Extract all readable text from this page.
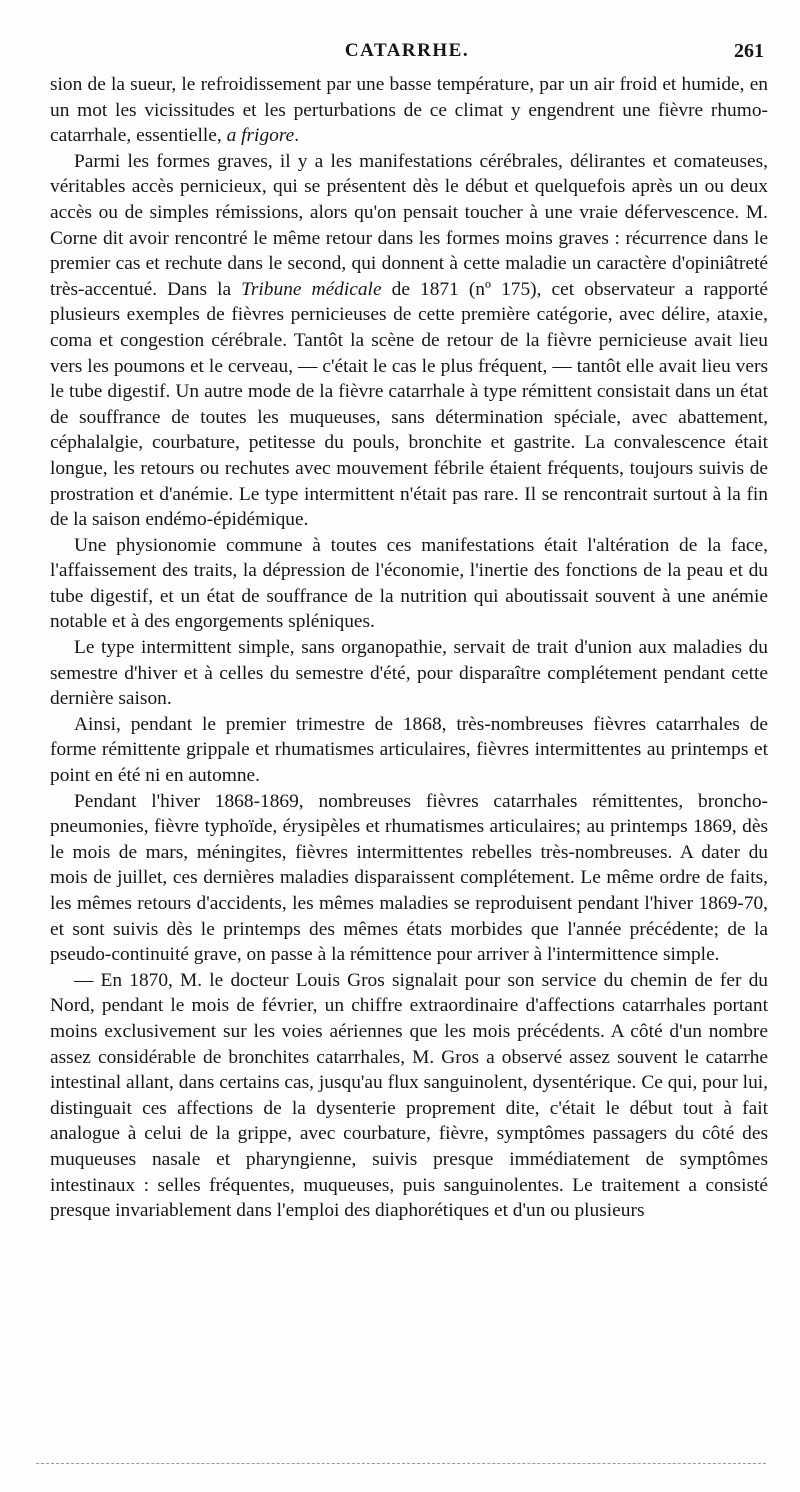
CATARRHE.	261

sion de la sueur, le refroidissement par une basse température, par un air froid et humide, en un mot les vicissitudes et les perturbations de ce climat y engendrent une fièvre rhumo-catarrhale, essentielle, a frigore.

Parmi les formes graves, il y a les manifestations cérébrales, délirantes et comateuses, véritables accès pernicieux, qui se présentent dès le début et quelquefois après un ou deux accès ou de simples rémissions, alors qu'on pensait toucher à une vraie défervescence. M. Corne dit avoir rencontré le même retour dans les formes moins graves : récurrence dans le premier cas et rechute dans le second, qui donnent à cette maladie un caractère d'opiniâtreté très-accentué. Dans la Tribune médicale de 1871 (nº 175), cet observateur a rapporté plusieurs exemples de fièvres pernicieuses de cette première catégorie, avec délire, ataxie, coma et congestion cérébrale. Tantôt la scène de retour de la fièvre pernicieuse avait lieu vers les poumons et le cerveau, — c'était le cas le plus fréquent, — tantôt elle avait lieu vers le tube digestif. Un autre mode de la fièvre catarrhale à type rémittent consistait dans un état de souffrance de toutes les muqueuses, sans détermination spéciale, avec abattement, céphalalgie, courbature, petitesse du pouls, bronchite et gastrite. La convalescence était longue, les retours ou rechutes avec mouvement fébrile étaient fréquents, toujours suivis de prostration et d'anémie. Le type intermittent n'était pas rare. Il se rencontrait surtout à la fin de la saison endémo-épidémique.

Une physionomie commune à toutes ces manifestations était l'altération de la face, l'affaissement des traits, la dépression de l'économie, l'inertie des fonctions de la peau et du tube digestif, et un état de souffrance de la nutrition qui aboutissait souvent à une anémie notable et à des engorgements spléniques.

Le type intermittent simple, sans organopathie, servait de trait d'union aux maladies du semestre d'hiver et à celles du semestre d'été, pour disparaître complétement pendant cette dernière saison.

Ainsi, pendant le premier trimestre de 1868, très-nombreuses fièvres catarrhales de forme rémittente grippale et rhumatismes articulaires, fièvres intermittentes au printemps et point en été ni en automne.

Pendant l'hiver 1868-1869, nombreuses fièvres catarrhales rémittentes, broncho-pneumonies, fièvre typhoïde, érysipèles et rhumatismes articulaires; au printemps 1869, dès le mois de mars, méningites, fièvres intermittentes rebelles très-nombreuses. A dater du mois de juillet, ces dernières maladies disparaissent complétement. Le même ordre de faits, les mêmes retours d'accidents, les mêmes maladies se reproduisent pendant l'hiver 1869-70, et sont suivis dès le printemps des mêmes états morbides que l'année précédente; de la pseudo-continuité grave, on passe à la rémittence pour arriver à l'intermittence simple.

— En 1870, M. le docteur Louis Gros signalait pour son service du chemin de fer du Nord, pendant le mois de février, un chiffre extraordinaire d'affections catarrhales portant moins exclusivement sur les voies aériennes que les mois précédents. A côté d'un nombre assez considérable de bronchites catarrhales, M. Gros a observé assez souvent le catarrhe intestinal allant, dans certains cas, jusqu'au flux sanguinolent, dysentérique. Ce qui, pour lui, distinguait ces affections de la dysenterie proprement dite, c'était le début tout à fait analogue à celui de la grippe, avec courbature, fièvre, symptômes passagers du côté des muqueuses nasale et pharyngienne, suivis presque immédiatement de symptômes intestinaux : selles fréquentes, muqueuses, puis sanguinolentes. Le traitement a consisté presque invariablement dans l'emploi des diaphorétiques et d'un ou plusieurs
